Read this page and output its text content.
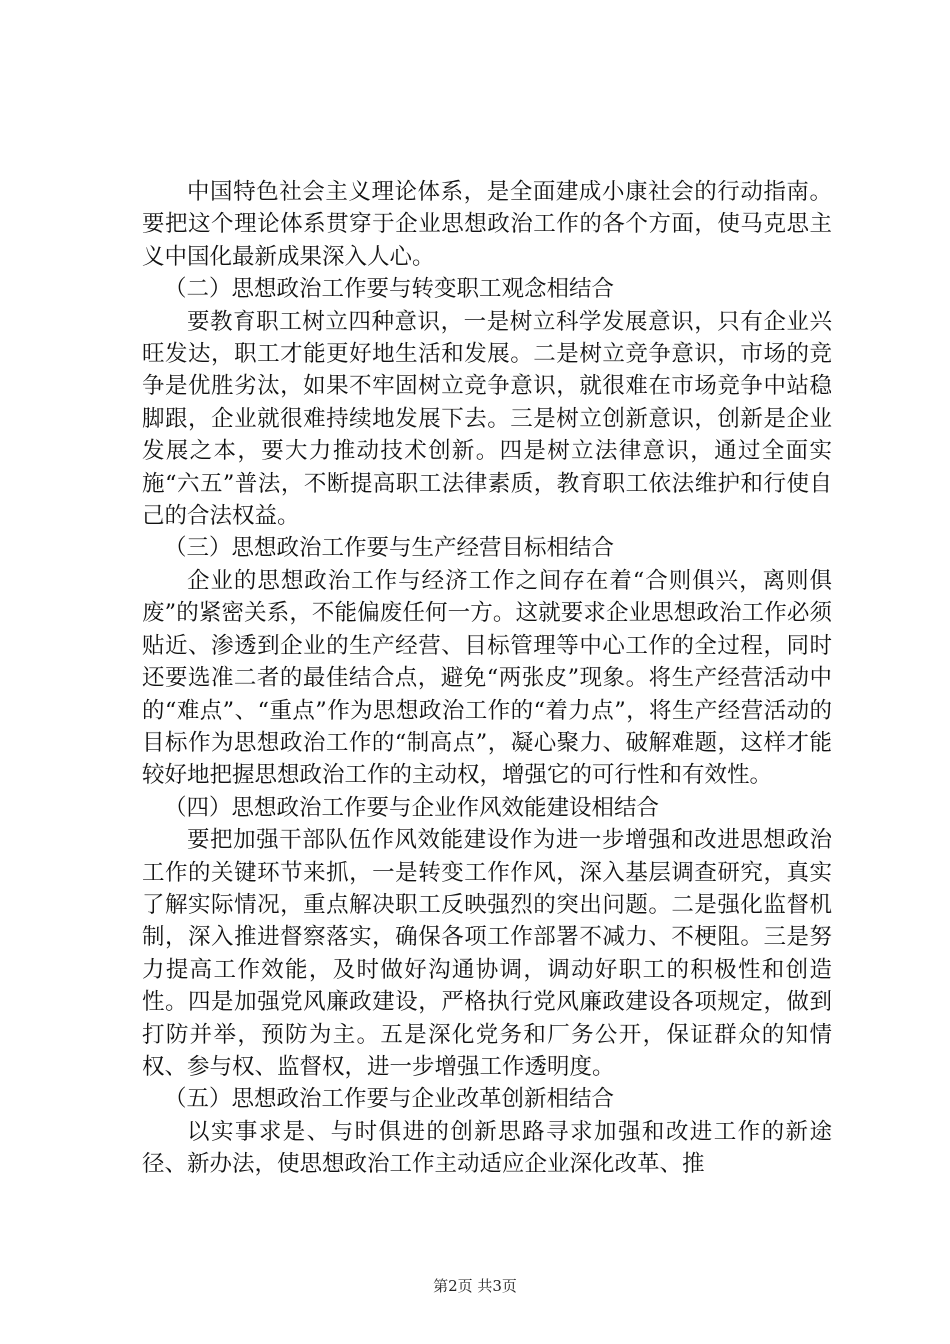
中国特色社会主义理论体系，是全面建成小康社会的行动指南。要把这个理论体系贯穿于企业思想政治工作的各个方面，使马克思主义中国化最新成果深入人心。

（二）思想政治工作要与转变职工观念相结合

要教育职工树立四种意识，一是树立科学发展意识，只有企业兴旺发达，职工才能更好地生活和发展。二是树立竞争意识，市场的竞争是优胜劣汰，如果不牢固树立竞争意识，就很难在市场竞争中站稳脚跟，企业就很难持续地发展下去。三是树立创新意识，创新是企业发展之本，要大力推动技术创新。四是树立法律意识，通过全面实施“六五”普法，不断提高职工法律素质，教育职工依法维护和行使自己的合法权益。

（三）思想政治工作要与生产经营目标相结合

企业的思想政治工作与经济工作之间存在着“合则俱兴，离则俱废”的紧密关系，不能偏废任何一方。这就要求企业思想政治工作必须贴近、渗透到企业的生产经营、目标管理等中心工作的全过程，同时还要选准二者的最佳结合点，避免“两张皮”现象。将生产经营活动中的“难点”、“重点”作为思想政治工作的“着力点”，将生产经营活动的目标作为思想政治工作的“制高点”，凝心聚力、破解难题，这样才能较好地把握思想政治工作的主动权，增强它的可行性和有效性。

（四）思想政治工作要与企业作风效能建设相结合

要把加强干部队伍作风效能建设作为进一步增强和改进思想政治工作的关键环节来抓，一是转变工作作风，深入基层调查研究，真实了解实际情况，重点解决职工反映强烈的突出问题。二是强化监督机制，深入推进督察落实，确保各项工作部署不减力、不梗阻。三是努力提高工作效能，及时做好沟通协调，调动好职工的积极性和创造性。四是加强党风廉政建设，严格执行党风廉政建设各项规定，做到打防并举，预防为主。五是深化党务和厂务公开，保证群众的知情权、参与权、监督权，进一步增强工作透明度。

（五）思想政治工作要与企业改革创新相结合

以实事求是、与时俱进的创新思路寻求加强和改进工作的新途径、新办法，使思想政治工作主动适应企业深化改革、推

第2页 共3页
